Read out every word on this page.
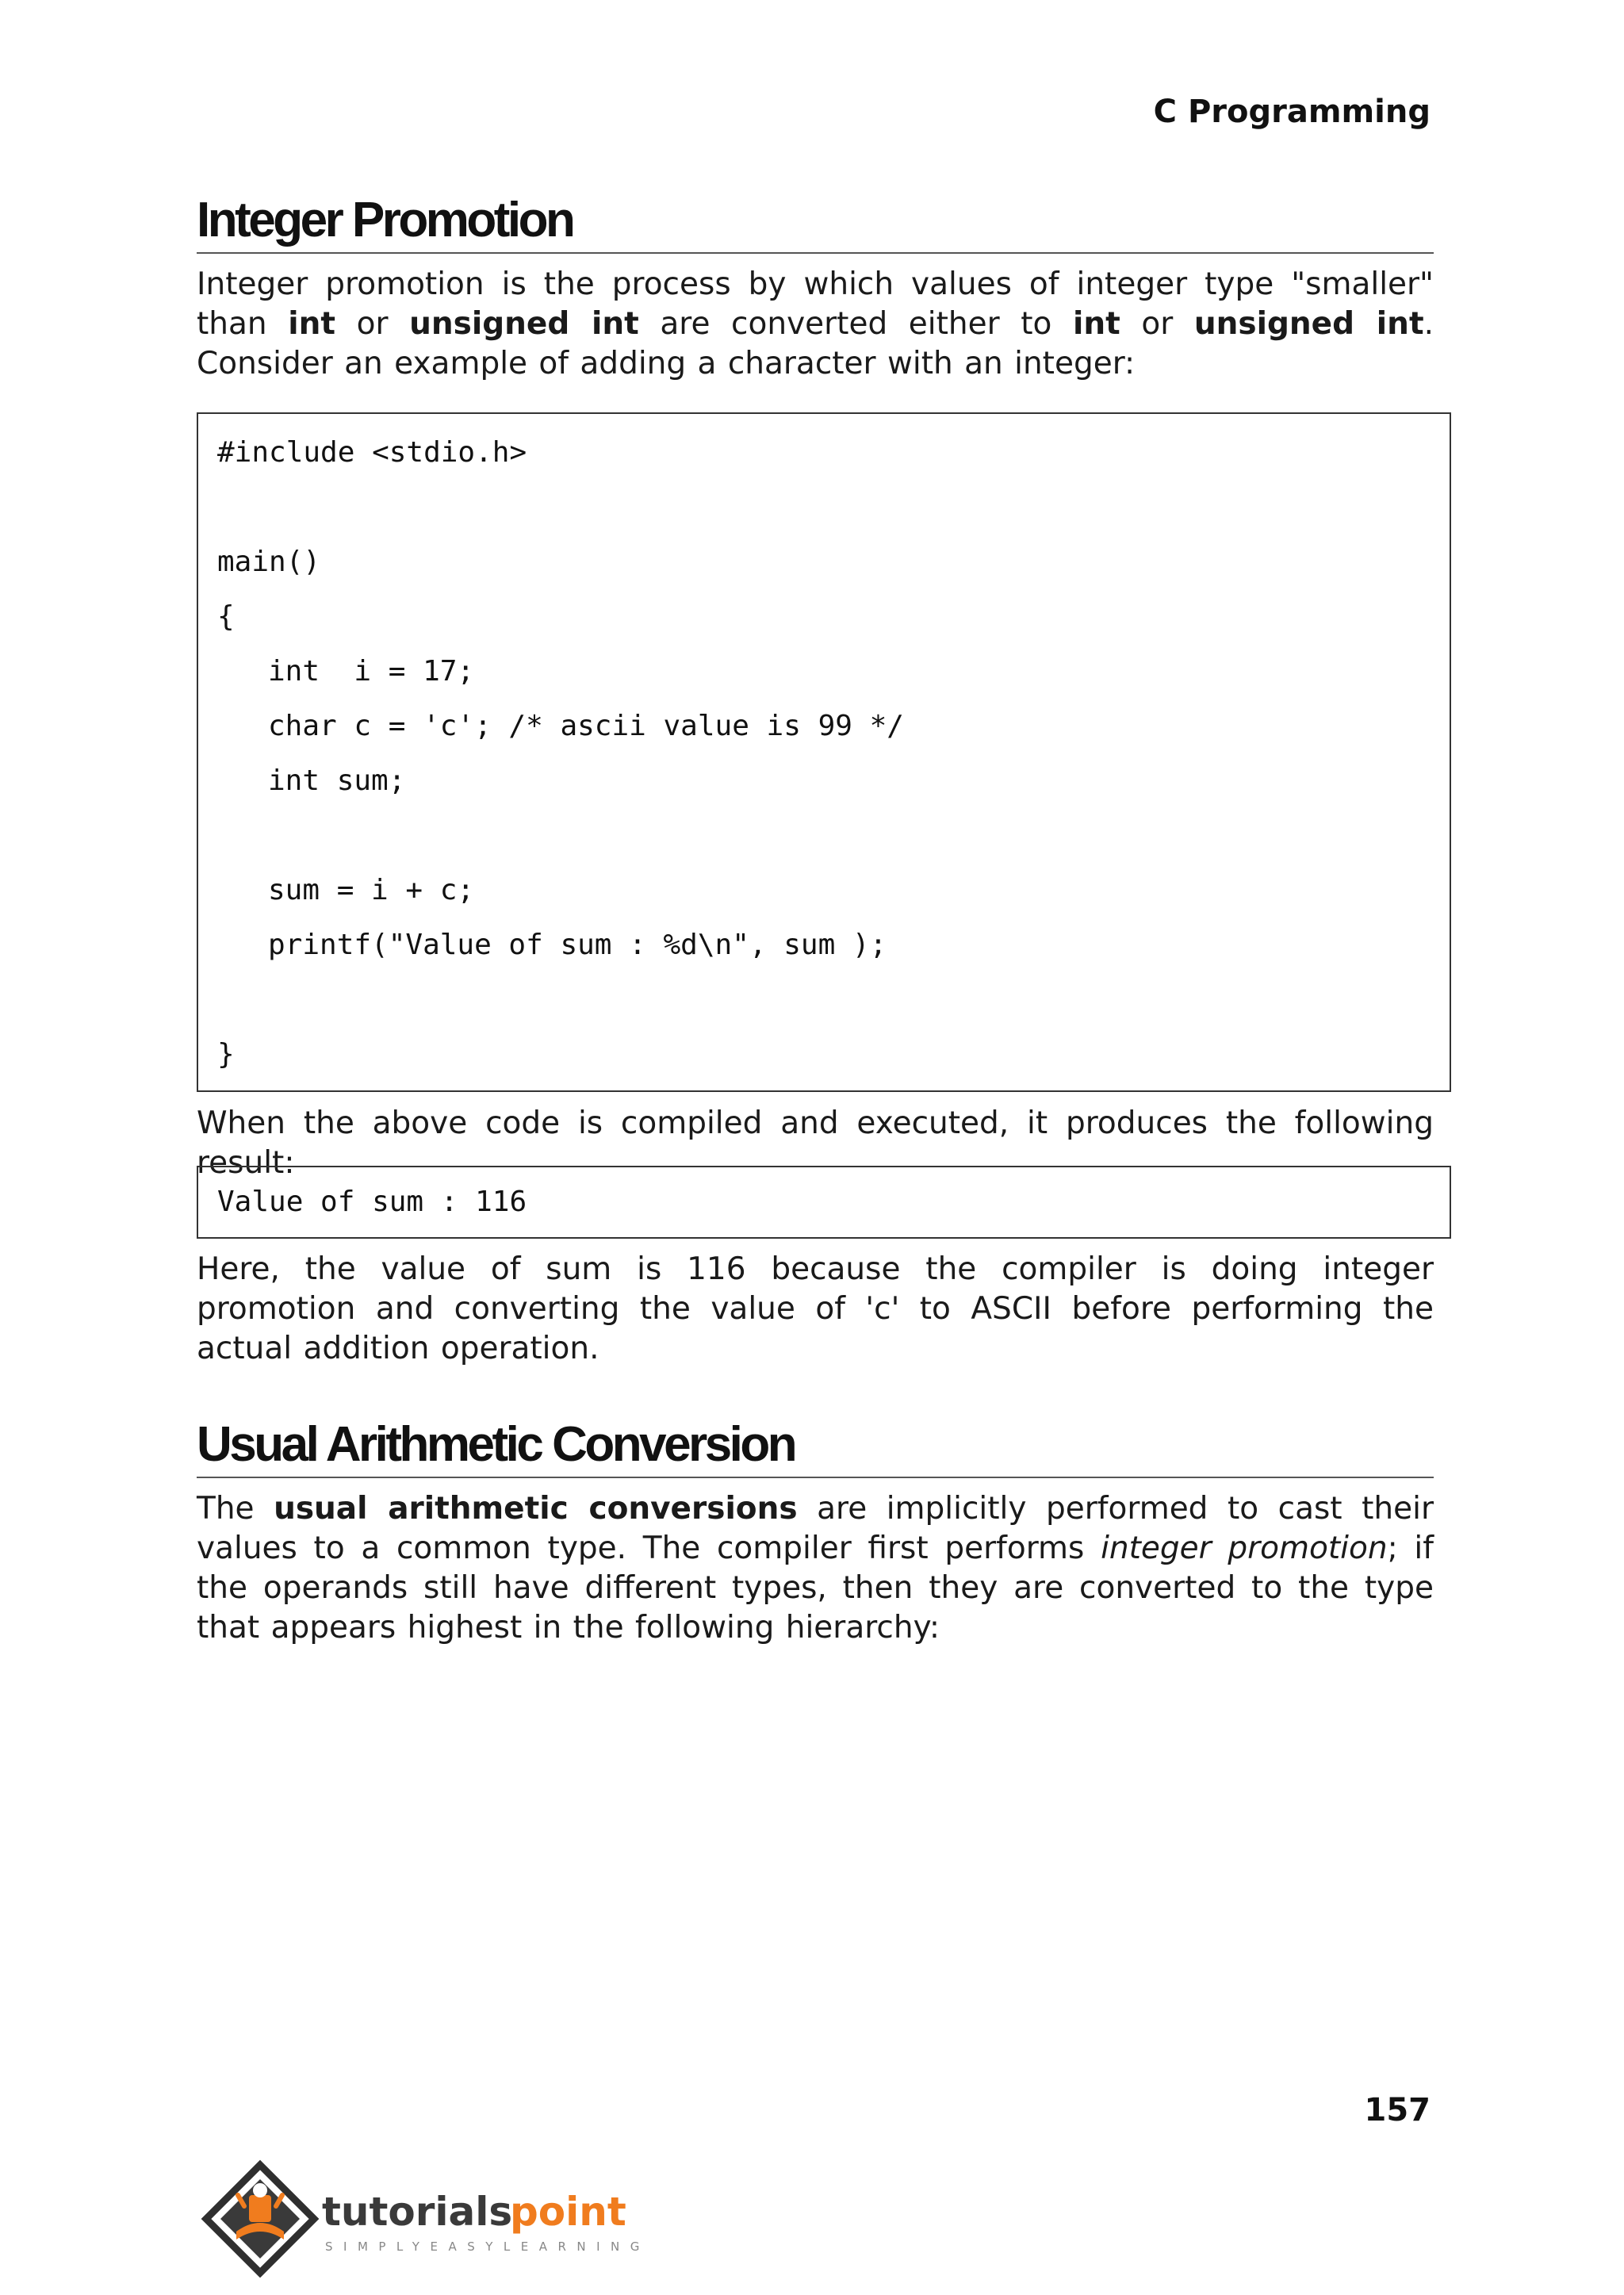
C Programming
Integer Promotion

Integer promotion is the process by which values of integer type "smaller" than int or unsigned int are converted either to int or unsigned int. Consider an example of adding a character with an integer:

#include <stdio.h>
main()
{
int  i = 17;
char c = 'c'; /* ascii value is 99 */
int sum;
sum = i + c;
printf("Value of sum : %d\n", sum );
}

When the above code is compiled and executed, it produces the following result:

Value of sum : 116

Here, the value of sum is 116 because the compiler is doing integer promotion and converting the value of 'c' to ASCII before performing the actual addition operation.

Usual Arithmetic Conversion

The usual arithmetic conversions are implicitly performed to cast their values to a common type. The compiler first performs integer promotion; if the operands still have different types, then they are converted to the type that appears highest in the following hierarchy:

157
tutorials
point
SIMPLYEASYLEARNING
